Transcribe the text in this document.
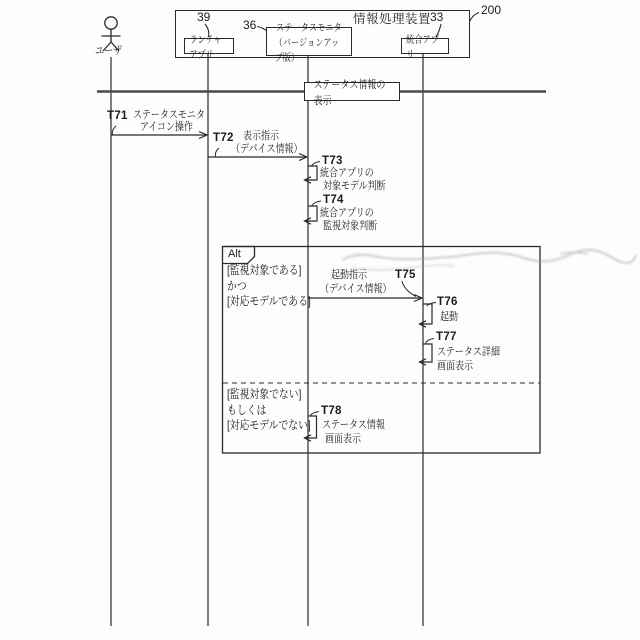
ランチャアプリ
ステータスモニタ
（バージョンアップ版）
統合アプリ
ステータス情報の表示
情報処理装置
200
39
36
33
ユーザ
T71 ステータスモニタ
アイコン操作
T72 表示指示
（デバイス情報）
T73
統合アプリの
対象モデル判断
T74
統合アプリの
監視対象判断
Alt
[監視対象である]
かつ
[対応モデルである]
起動指示
（デバイス情報）
T75
T76
起動
T77
ステータス詳細
画面表示
[監視対象でない]
もしくは
[対応モデルでない]
T78
ステータス情報
画面表示
